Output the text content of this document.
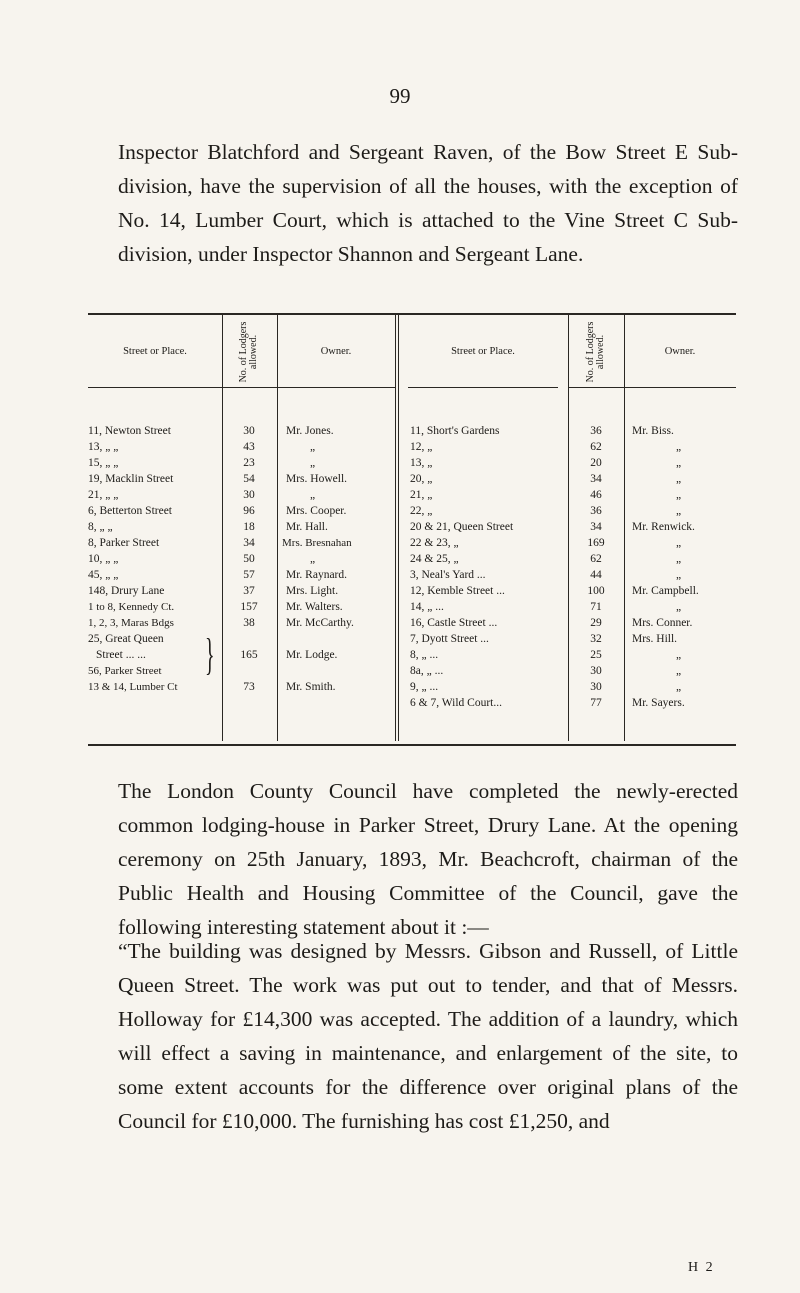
99

Inspector Blatchford and Sergeant Raven, of the Bow Street E Sub-division, have the supervision of all the houses, with the exception of No. 14, Lumber Court, which is attached to the Vine Street C Sub-division, under Inspector Shannon and Sergeant Lane.

Street or Place.	No. of Lodgers allowed.	Owner.	Street or Place.	No. of Lodgers allowed.	Owner.
11, Newton Street	30	Mr. Jones.
13, „ „	43	„
15, „ „	23	„
19, Macklin Street	54	Mrs. Howell.
21, „ „	30	„
6, Betterton Street	96	Mrs. Cooper.
8, „ „	18	Mr. Hall.
8, Parker Street	34	Mrs. Bresnahan
10, „ „	50	„
45, „ „	57	Mr. Raynard.
148, Drury Lane	37	Mrs. Light.
1 to 8, Kennedy Ct.	157	Mr. Walters.
1, 2, 3, Maras Bdgs	38	Mr. McCarthy.
25, Great Queen
Street ... ...
56, Parker Street }	165	Mr. Lodge.
13 & 14, Lumber Ct	73	Mr. Smith.
11, Short's Gardens	36	Mr. Biss.
12, „	62	„
13, „	20	„
20, „	34	„
21, „	46	„
22, „	36	„
20 & 21, Queen Street	34	Mr. Renwick.
22 & 23, „	169	„
24 & 25, „	62	„
3, Neal's Yard ...	44	„
12, Kemble Street ...	100	Mr. Campbell.
14, „ ...	71	„
16, Castle Street ...	29	Mrs. Conner.
7, Dyott Street ...	32	Mrs. Hill.
8, „ ...	25	„
8a, „ ...	30	„
9, „ ...	30	„
6 & 7, Wild Court...	77	Mr. Sayers.

The London County Council have completed the newly-erected common lodging-house in Parker Street, Drury Lane. At the opening ceremony on 25th January, 1893, Mr. Beachcroft, chairman of the Public Health and Housing Committee of the Council, gave the following interesting statement about it :—

“The building was designed by Messrs. Gibson and Russell, of Little Queen Street. The work was put out to tender, and that of Messrs. Holloway for £14,300 was accepted. The addition of a laundry, which will effect a saving in maintenance, and enlargement of the site, to some extent accounts for the difference over original plans of the Council for £10,000. The furnishing has cost £1,250, and

H 2
